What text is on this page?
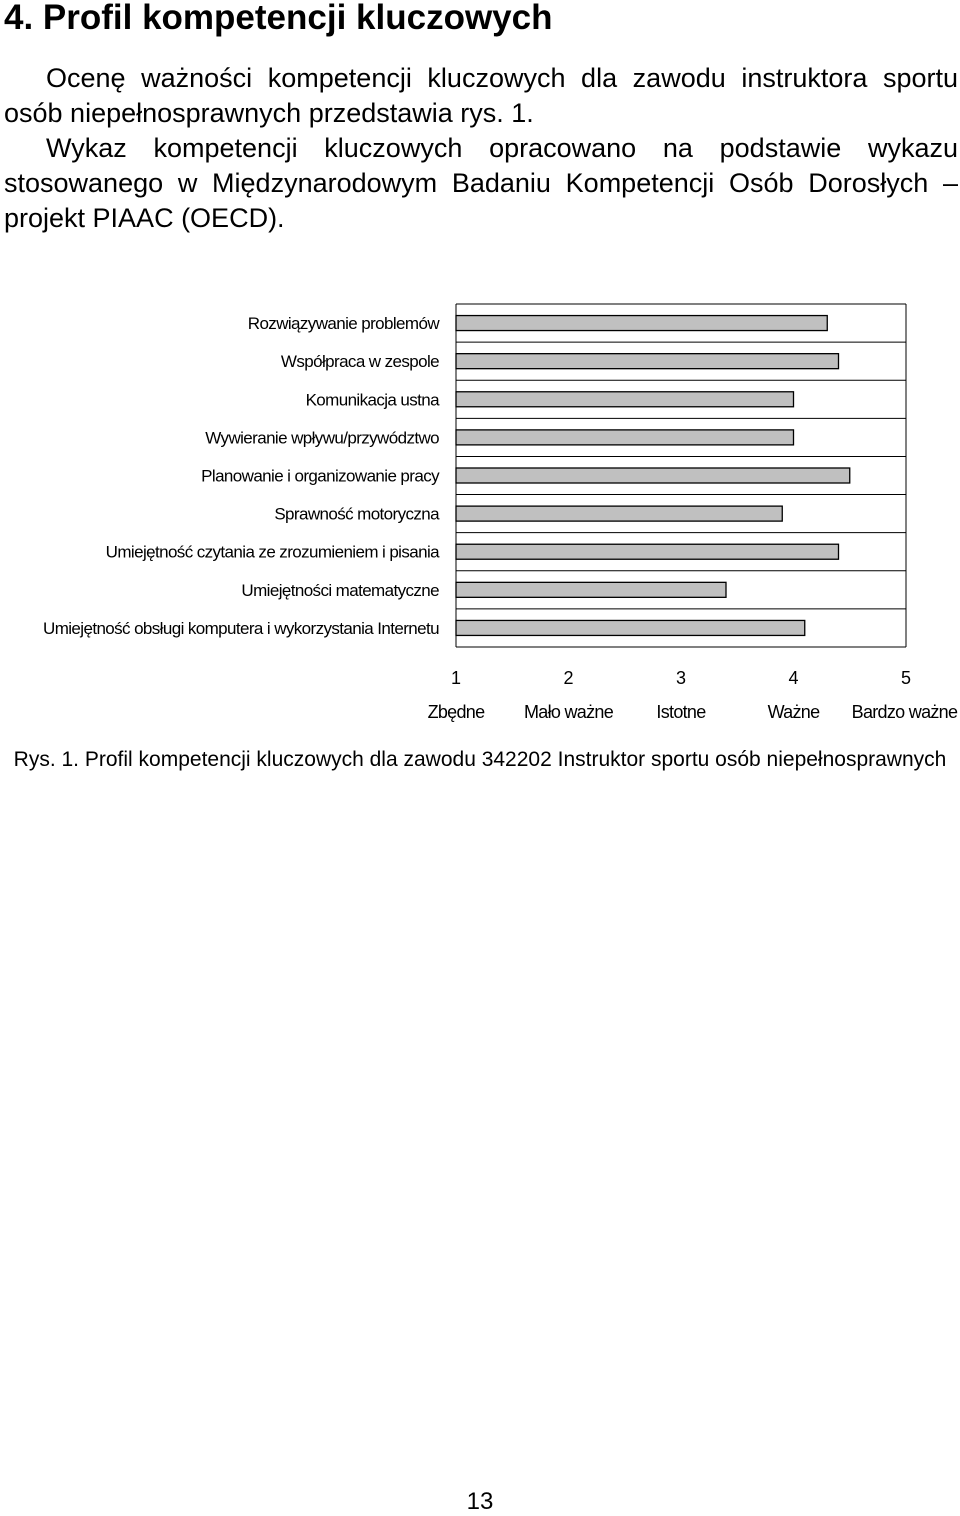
4. Profil kompetencji kluczowych

Ocenę ważności kompetencji kluczowych dla zawodu instruktora sportu osób niepełnosprawnych przedstawia rys. 1.

Wykaz kompetencji kluczowych opracowano na podstawie wykazu stosowanego w Międzynarodowym Badaniu Kompetencji Osób Dorosłych – projekt PIAAC (OECD).

Rozwiązywanie problemów
Współpraca w zespole
Komunikacja ustna
Wywieranie wpływu/przywództwo
Planowanie i organizowanie pracy
Sprawność motoryczna
Umiejętność czytania ze zrozumieniem i pisania
Umiejętności matematyczne
Umiejętność obsługi komputera i wykorzystania Internetu
1	2	3	4	5
Zbędne Mało ważne Istotne	Ważne Bardzo ważne

Rys. 1. Profil kompetencji kluczowych dla zawodu 342202 Instruktor sportu osób niepełnosprawnych

13
